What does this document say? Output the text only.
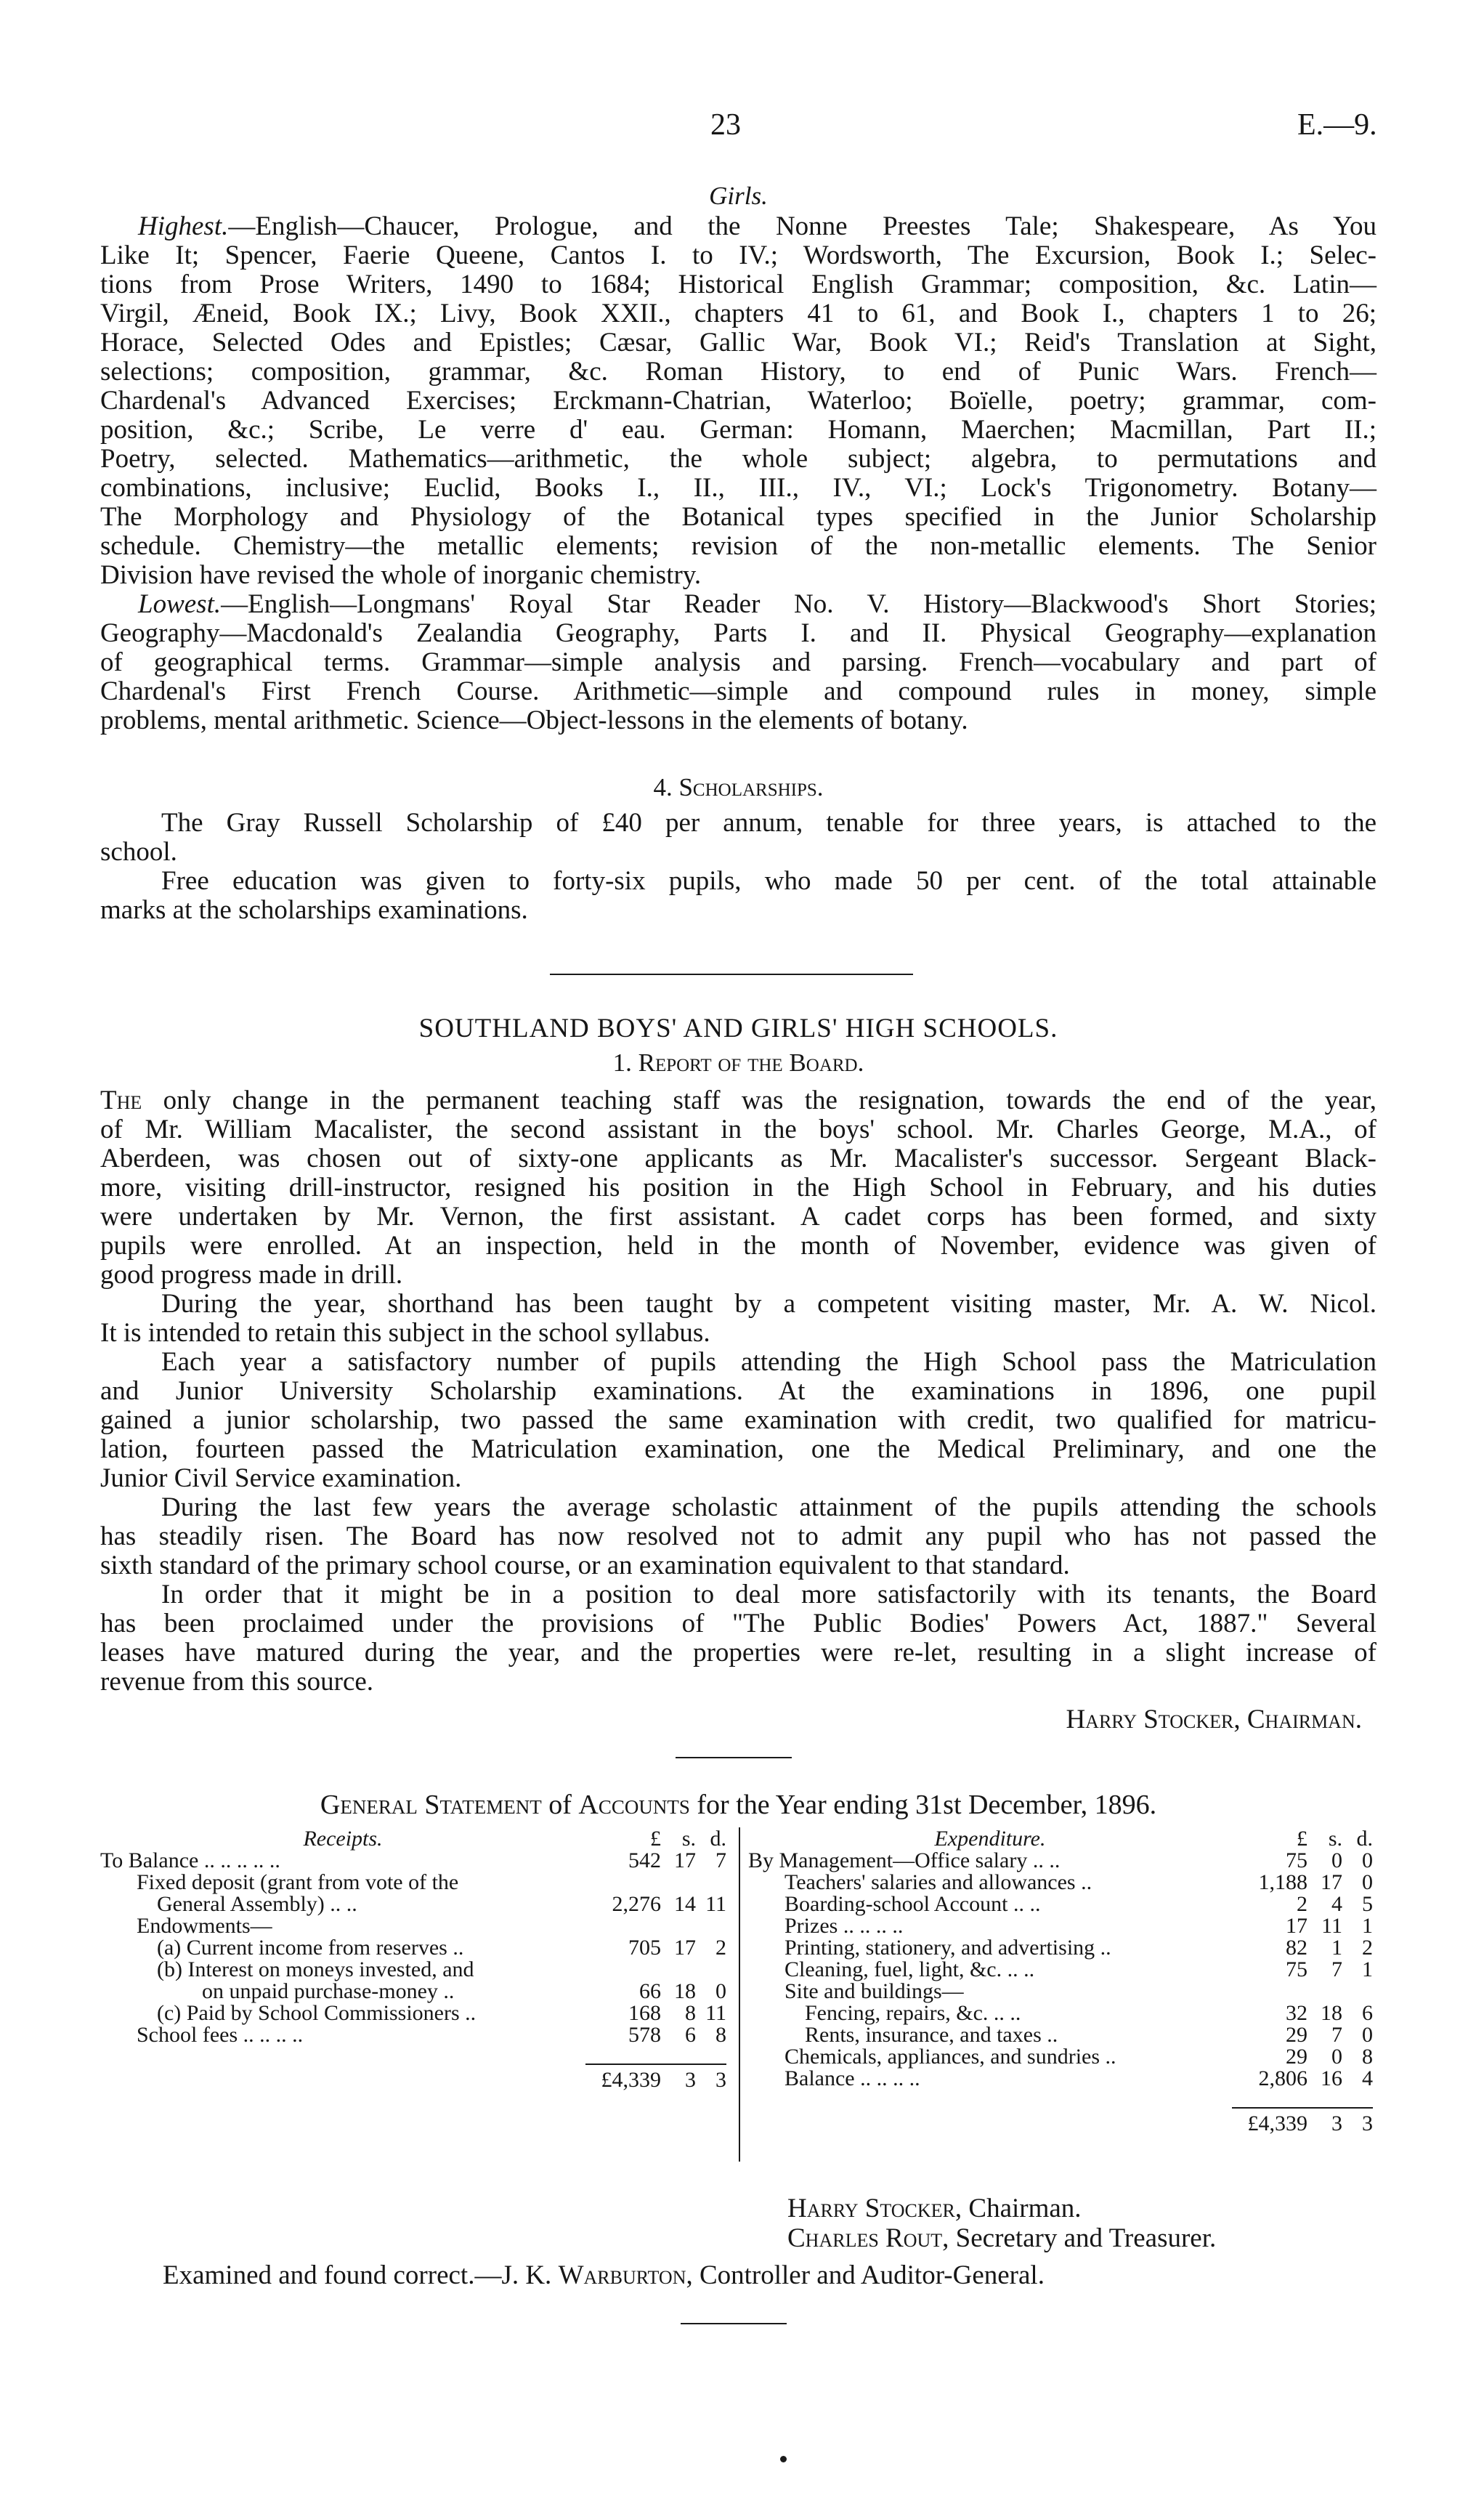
23	E.—9.

Girls.

Highest.—English—Chaucer, Prologue, and the Nonne Preestes Tale; Shakespeare, As You

Like It; Spencer, Faerie Queene, Cantos I. to IV.; Wordsworth, The Excursion, Book I.; Selec-

tions from Prose Writers, 1490 to 1684; Historical English Grammar; composition, &c. Latin—

Virgil, Æneid, Book IX.; Livy, Book XXII., chapters 41 to 61, and Book I., chapters 1 to 26;

Horace, Selected Odes and Epistles; Cæsar, Gallic War, Book VI.; Reid's Translation at Sight,

selections; composition, grammar, &c. Roman History, to end of Punic Wars. French—

Chardenal's Advanced Exercises; Erckmann-Chatrian, Waterloo; Boïelle, poetry; grammar, com-

position, &c.; Scribe, Le verre d' eau. German: Homann, Maerchen; Macmillan, Part II.;

Poetry, selected. Mathematics—arithmetic, the whole subject; algebra, to permutations and

combinations, inclusive; Euclid, Books I., II., III., IV., VI.; Lock's Trigonometry. Botany—

The Morphology and Physiology of the Botanical types specified in the Junior Scholarship

schedule. Chemistry—the metallic elements; revision of the non-metallic elements. The Senior

Division have revised the whole of inorganic chemistry.

Lowest.—English—Longmans' Royal Star Reader No. V. History—Blackwood's Short Stories;

Geography—Macdonald's Zealandia Geography, Parts I. and II. Physical Geography—explanation

of geographical terms. Grammar—simple analysis and parsing. French—vocabulary and part of

Chardenal's First French Course. Arithmetic—simple and compound rules in money, simple

problems, mental arithmetic. Science—Object-lessons in the elements of botany.

4. Scholarships.

The Gray Russell Scholarship of £40 per annum, tenable for three years, is attached to the

school.

Free education was given to forty-six pupils, who made 50 per cent. of the total attainable

marks at the scholarships examinations.

SOUTHLAND BOYS' AND GIRLS' HIGH SCHOOLS.

1. Report of the Board.

The only change in the permanent teaching staff was the resignation, towards the end of the year,

of Mr. William Macalister, the second assistant in the boys' school. Mr. Charles George, M.A., of

Aberdeen, was chosen out of sixty-one applicants as Mr. Macalister's successor. Sergeant Black-

more, visiting drill-instructor, resigned his position in the High School in February, and his duties

were undertaken by Mr. Vernon, the first assistant. A cadet corps has been formed, and sixty

pupils were enrolled. At an inspection, held in the month of November, evidence was given of

good progress made in drill.

During the year, shorthand has been taught by a competent visiting master, Mr. A. W. Nicol.

It is intended to retain this subject in the school syllabus.

Each year a satisfactory number of pupils attending the High School pass the Matriculation

and Junior University Scholarship examinations. At the examinations in 1896, one pupil

gained a junior scholarship, two passed the same examination with credit, two qualified for matricu-

lation, fourteen passed the Matriculation examination, one the Medical Preliminary, and one the

Junior Civil Service examination.

During the last few years the average scholastic attainment of the pupils attending the schools

has steadily risen. The Board has now resolved not to admit any pupil who has not passed the

sixth standard of the primary school course, or an examination equivalent to that standard.

In order that it might be in a position to deal more satisfactorily with its tenants, the Board

has been proclaimed under the provisions of "The Public Bodies' Powers Act, 1887." Several

leases have matured during the year, and the properties were re-let, resulting in a slight increase of

revenue from this source.

Harry Stocker, Chairman.

General Statement of Accounts for the Year ending 31st December, 1896.

Receipts.	£	s.	d.
To Balance .. .. .. .. ..	542	17	7
Fixed deposit (grant from vote of the			
General Assembly) .. ..	2,276	14	11
Endowments—			
(a) Current income from reserves ..	705	17	2
(b) Interest on moneys invested, and			
on unpaid purchase-money ..	66	18	0
(c) Paid by School Commissioners ..	168	8	11
School fees .. .. .. ..	578	6	8

	£4,339	3	3
Expenditure.	£	s.	d.
By Management—Office salary .. ..	75	0	0
Teachers' salaries and allowances ..	1,188	17	0
Boarding-school Account .. ..	2	4	5
Prizes .. .. .. ..	17	11	1
Printing, stationery, and advertising ..	82	1	2
Cleaning, fuel, light, &c. .. ..	75	7	1
Site and buildings—			
Fencing, repairs, &c. .. ..	32	18	6
Rents, insurance, and taxes ..	29	7	0
Chemicals, appliances, and sundries ..	29	0	8
Balance .. .. .. ..	2,806	16	4

	£4,339	3	3
Harry Stocker, Chairman.
Charles Rout, Secretary and Treasurer.

Examined and found correct.—J. K. Warburton, Controller and Auditor-General.
